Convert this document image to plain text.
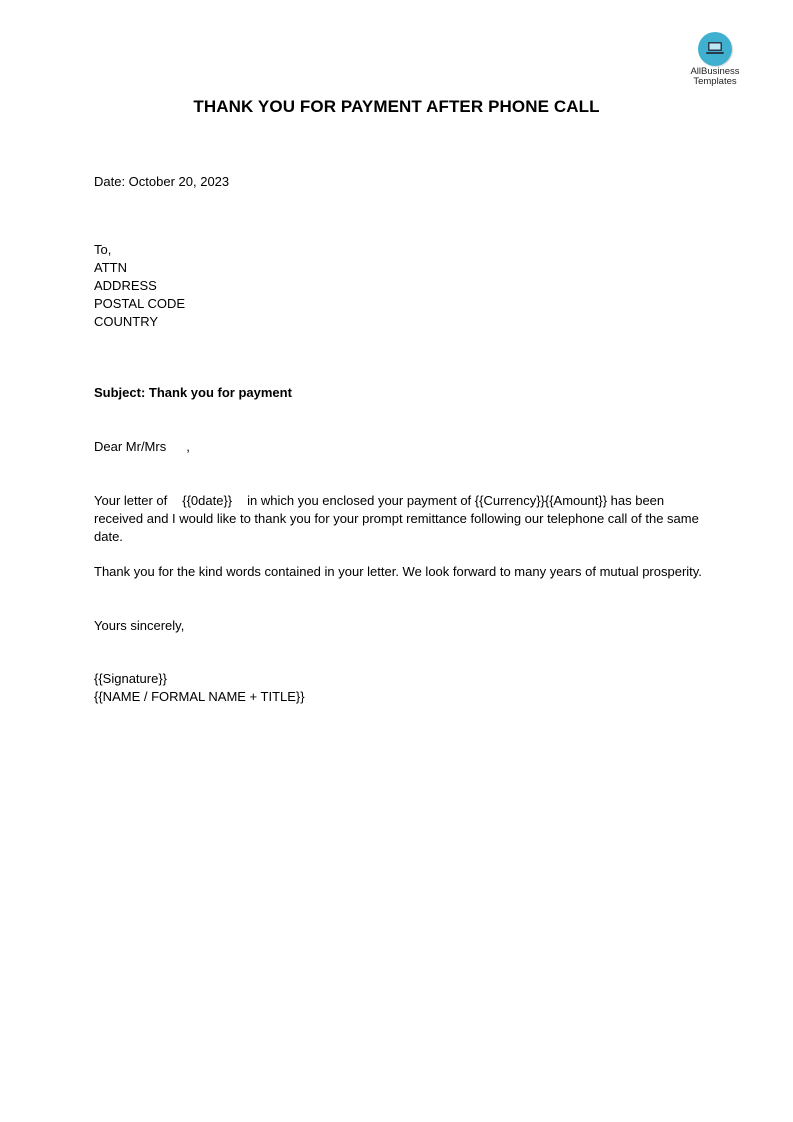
AllBusiness
Templates
THANK YOU FOR PAYMENT AFTER PHONE CALL
Date: October 20, 2023
To,
ATTN
ADDRESS
POSTAL CODE
COUNTRY
Subject: Thank you for payment
Dear Mr/Mrs ,
Your letter of {{0date}} in which you enclosed your payment of {{Currency}}{{Amount}} has been received and I would like to thank you for your prompt remittance following our telephone call of the same date.
Thank you for the kind words contained in your letter. We look forward to many years of mutual prosperity.
Yours sincerely,
{{Signature}}
{{NAME / FORMAL NAME + TITLE}}
